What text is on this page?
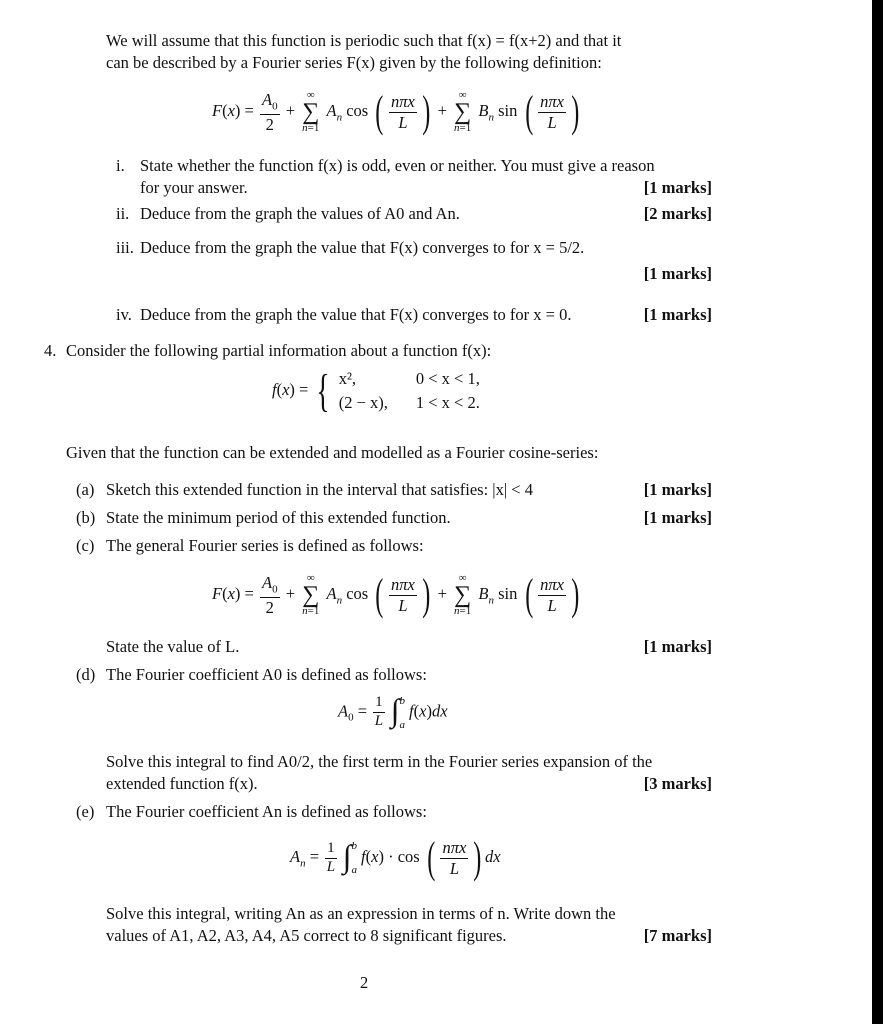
We will assume that this function is periodic such that f(x) = f(x+2) and that it
can be described by a Fourier series F(x) given by the following definition:
$F(x) = \frac{A_0}{2}$ +
∞
∑
n=1
$A_n$ cos ( $\frac{\text{nπx}}{L}$ ) +
∞
∑
n=1
$B_n$ sin ( $\frac{\text{nπx}}{L}$ )
i. State whether the function f(x) is odd, even or neither. You must give a reason
for your answer.	[1 marks]
ii. Deduce from the graph the values of A0 and An.	[2 marks]
iii. Deduce from the graph the value that F(x) converges to for x = 5/2.
[1 marks]
iv. Deduce from the graph the value that F(x) converges to for x = 0.	[1 marks]
4. Consider the following partial information about a function f(x):
f(x) = { x²,	0 < x < 1,
(2 − x), 1 < x < 2.
Given that the function can be extended and modelled as a Fourier cosine-series:
(a) Sketch this extended function in the interval that satisfies: |x| < 4	[1 marks]
(b) State the minimum period of this extended function.	[1 marks]
(c) The general Fourier series is defined as follows:
$F(x) = \frac{A_0}{2}$ +
∞
∑
n=1
$A_n$ cos ( $\frac{\text{nπx}}{L}$ ) +
∞
∑
n=1
$B_n$ sin ( $\frac{\text{nπx}}{L}$ )
State the value of L.	[1 marks]
(d) The Fourier coefficient A0 is defined as follows:
$A_0 = \frac{1}{L}$ ∫ b
a
f(x)dx
Solve this integral to find A0/2, the first term in the Fourier series expansion of the
extended function f(x).	[3 marks]
(e) The Fourier coefficient An is defined as follows:
$A_n = \frac{1}{L}$ ∫ b
a
f(x) · cos ( $\frac{\text{nπx}}{L}$ ) dx
Solve this integral, writing An as an expression in terms of n. Write down the
values of A1, A2, A3, A4, A5 correct to 8 significant figures.	[7 marks]
2
